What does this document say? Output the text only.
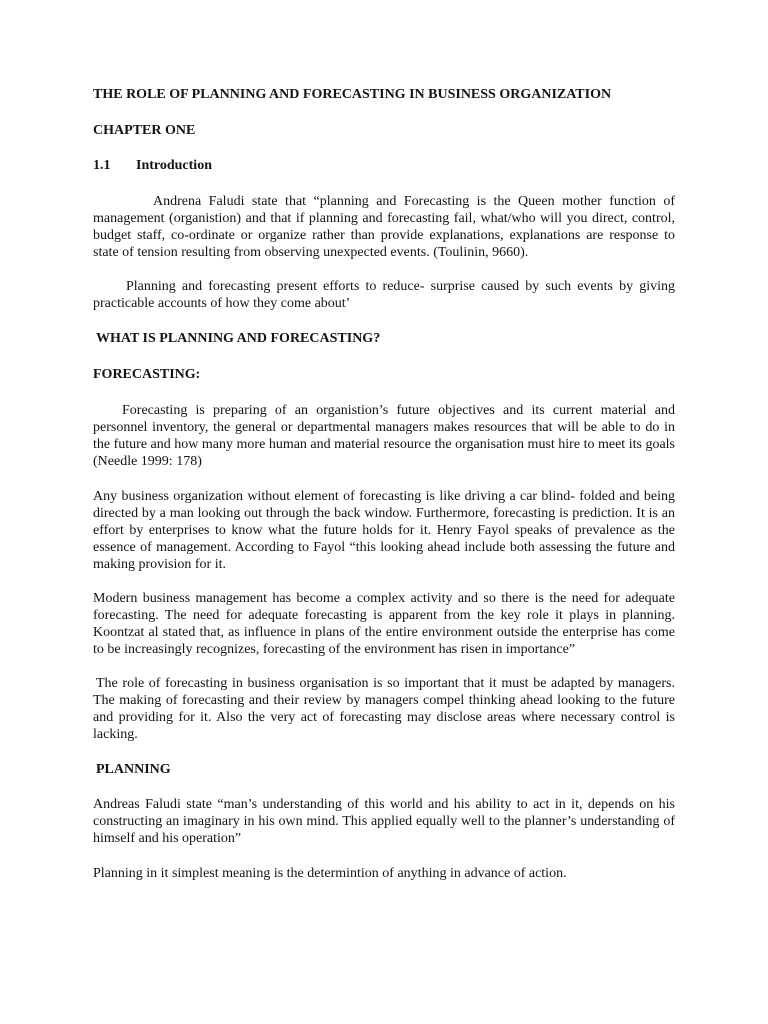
THE ROLE OF PLANNING AND FORECASTING IN BUSINESS ORGANIZATION
CHAPTER ONE
1.1 Introduction

Andrena Faludi state that “planning and Forecasting is the Queen mother function of management (organistion) and that if planning and forecasting fail, what/who will you direct, control, budget staff, co-ordinate or organize rather than provide explanations, explanations are response to state of tension resulting from observing unexpected events. (Toulinin, 9660).

Planning and forecasting present efforts to reduce- surprise caused by such events by giving practicable accounts of how they come about’

WHAT IS PLANNING AND FORECASTING?
FORECASTING:

Forecasting is preparing of an organistion’s future objectives and its current material and personnel inventory, the general or departmental managers makes resources that will be able to do in the future and how many more human and material resource the organisation must hire to meet its goals (Needle 1999: 178)

Any business organization without element of forecasting is like driving a car blind- folded and being directed by a man looking out through the back window. Furthermore, forecasting is prediction. It is an effort by enterprises to know what the future holds for it. Henry Fayol speaks of prevalence as the essence of management. According to Fayol “this looking ahead include both assessing the future and making provision for it.

Modern business management has become a complex activity and so there is the need for adequate forecasting. The need for adequate forecasting is apparent from the key role it plays in planning. Koontzat al stated that, as influence in plans of the entire environment outside the enterprise has come to be increasingly recognizes, forecasting of the environment has risen in importance”

The role of forecasting in business organisation is so important that it must be adapted by managers. The making of forecasting and their review by managers compel thinking ahead looking to the future and providing for it. Also the very act of forecasting may disclose areas where necessary control is lacking.

PLANNING

Andreas Faludi state “man’s understanding of this world and his ability to act in it, depends on his constructing an imaginary in his own mind. This applied equally well to the planner’s understanding of himself and his operation”

Planning in it simplest meaning is the determintion of anything in advance of action.
